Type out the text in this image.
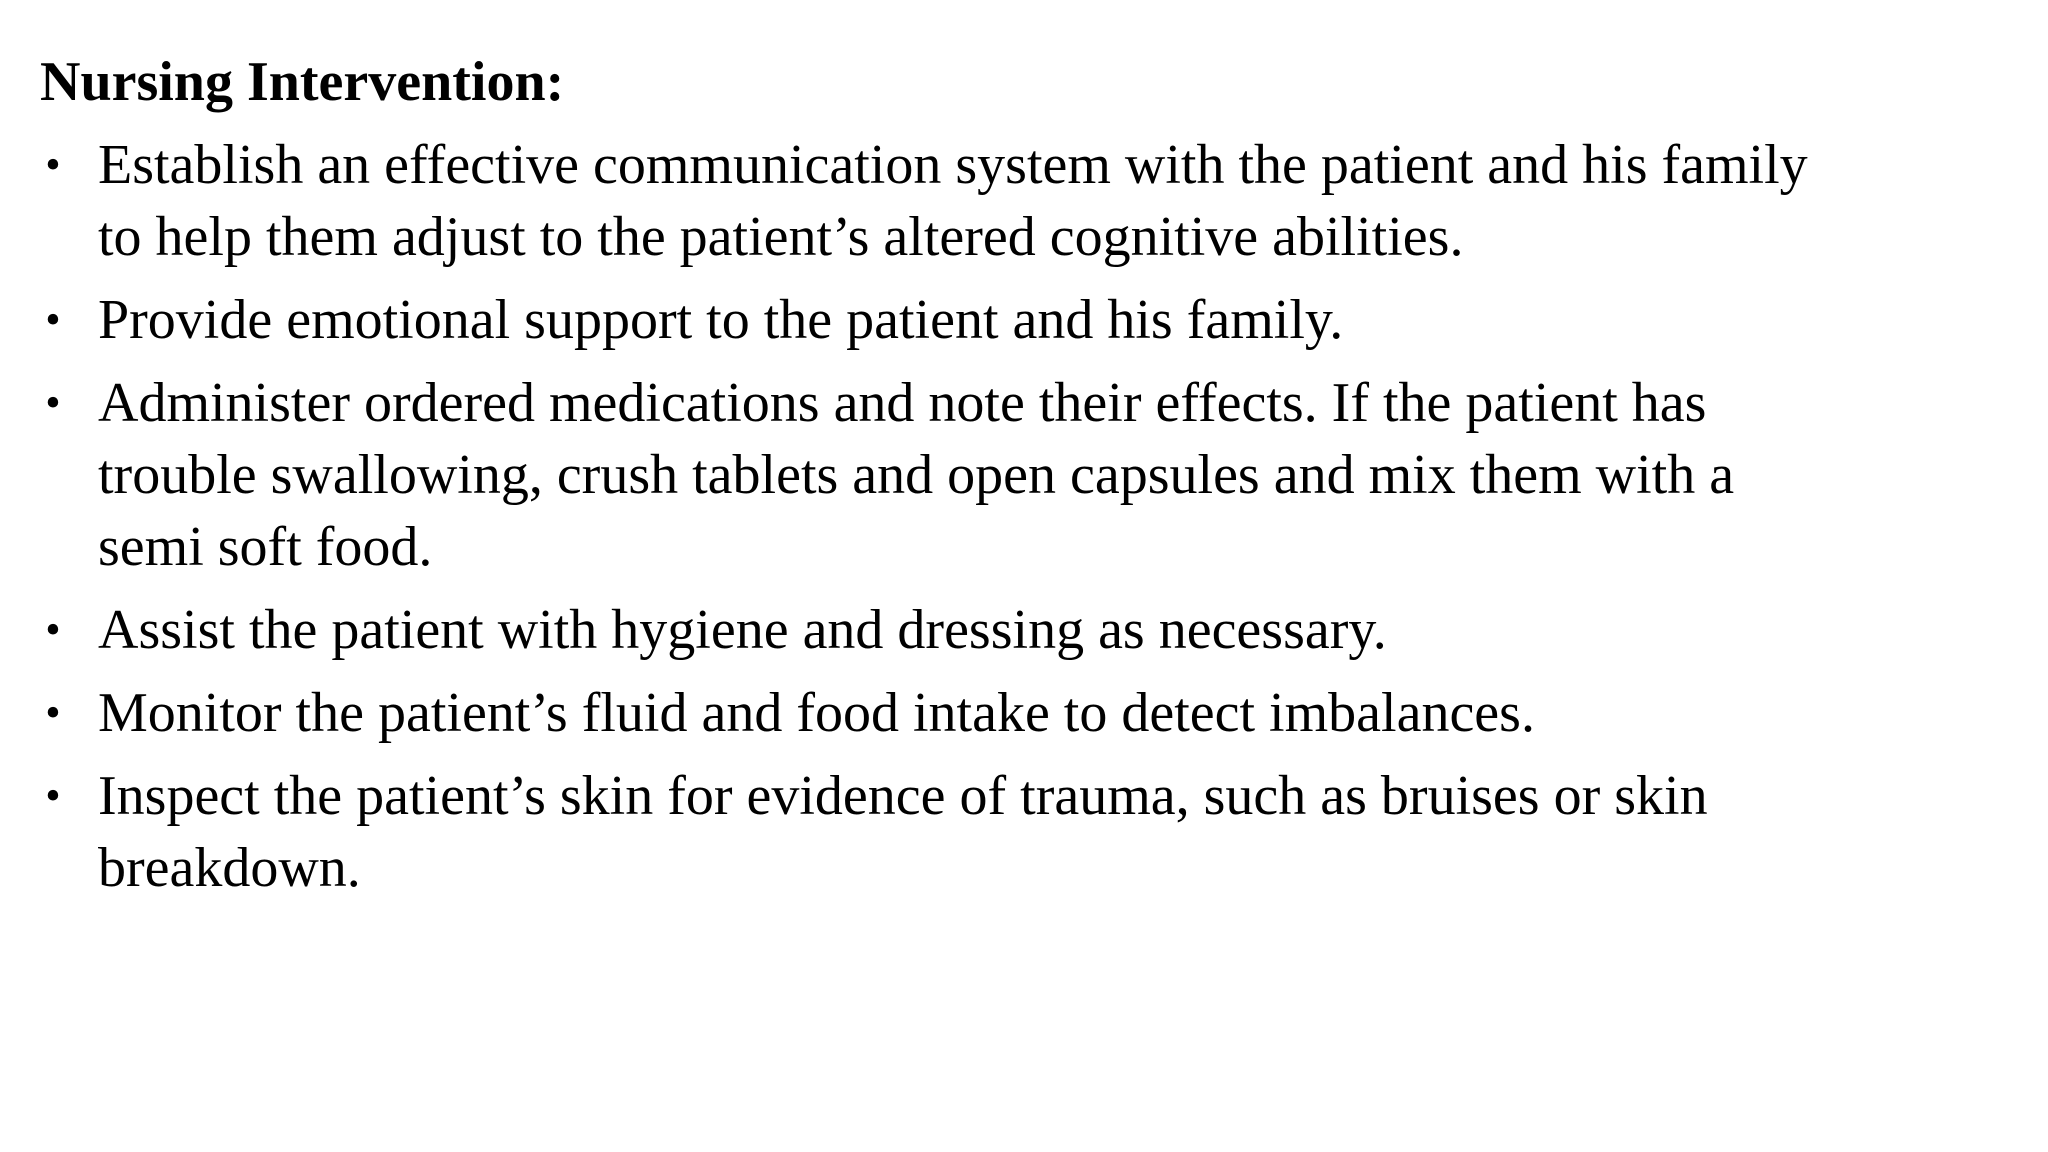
Nursing Intervention:
• Establish an effective communication system with the patient and his family
to help them adjust to the patient’s altered cognitive abilities.
• Provide emotional support to the patient and his family.
• Administer ordered medications and note their effects. If the patient has
trouble swallowing, crush tablets and open capsules and mix them with a
semi soft food.
• Assist the patient with hygiene and dressing as necessary.
• Monitor the patient’s fluid and food intake to detect imbalances.
• Inspect the patient’s skin for evidence of trauma, such as bruises or skin
breakdown.
